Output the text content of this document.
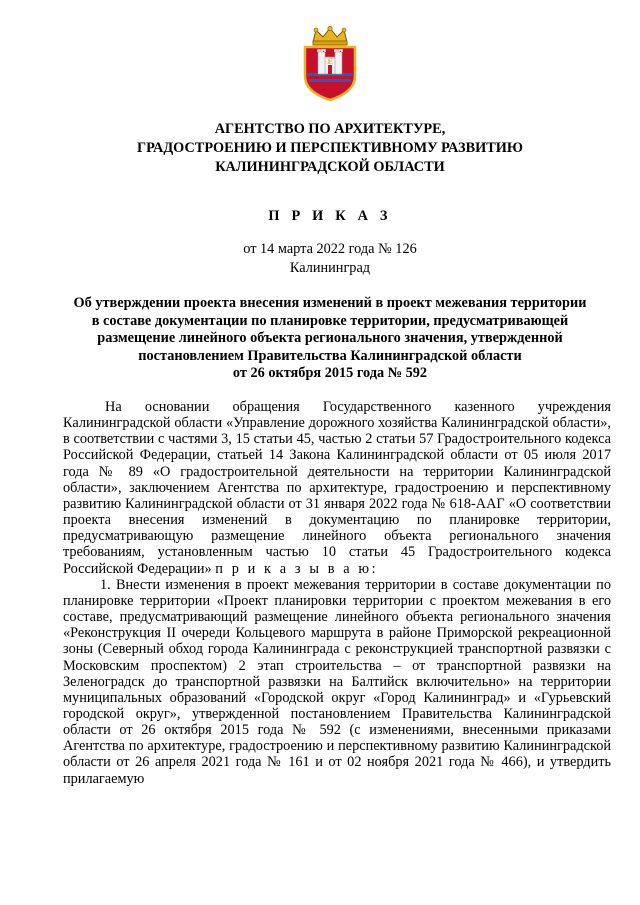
E
АГЕНТСТВО ПО АРХИТЕКТУРЕ,
ГРАДОСТРОЕНИЮ И ПЕРСПЕКТИВНОМУ РАЗВИТИЮ
КАЛИНИНГРАДСКОЙ ОБЛАСТИ
П Р И К А З
от 14 марта 2022 года № 126
Калининград
Об утверждении проекта внесения изменений в проект межевания территории
в составе документации по планировке территории, предусматривающей
размещение линейного объекта регионального значения, утвержденной
постановлением Правительства Калининградской области
от 26 октября 2015 года № 592

На основании обращения Государственного казенного учреждения Калининградской области «Управление дорожного хозяйства Калининградской области», в соответствии с частями 3, 15 статьи 45, частью 2 статьи 57 Градостроительного кодекса Российской Федерации, статьей 14 Закона Калининградской области от 05 июля 2017 года № 89 «О градостроительной деятельности на территории Калининградской области», заключением Агентства по архитектуре, градостроению и перспективному развитию Калининградской области от 31 января 2022 года № 618-ААГ «О соответствии проекта внесения изменений в документацию по планировке территории, предусматривающую размещение линейного объекта регионального значения требованиям, установленным частью 10 статьи 45 Градостроительного кодекса Российской Федерации» п р и к а з ы в а ю:

1. Внести изменения в проект межевания территории в составе документации по планировке территории «Проект планировки территории с проектом межевания в его составе, предусматривающий размещение линейного объекта регионального значения «Реконструкция II очереди Кольцевого маршрута в районе Приморской рекреационной зоны (Северный обход города Калининграда с реконструкцией транспортной развязки с Московским проспектом) 2 этап строительства – от транспортной развязки на Зеленоградск до транспортной развязки на Балтийск включительно» на территории муниципальных образований «Городской округ «Город Калининград» и «Гурьевский городской округ», утвержденной постановлением Правительства Калининградской области от 26 октября 2015 года № 592 (с изменениями, внесенными приказами Агентства по архитектуре, градостроению и перспективному развитию Калининградской области от 26 апреля 2021 года № 161 и от 02 ноября 2021 года № 466), и утвердить прилагаемую
